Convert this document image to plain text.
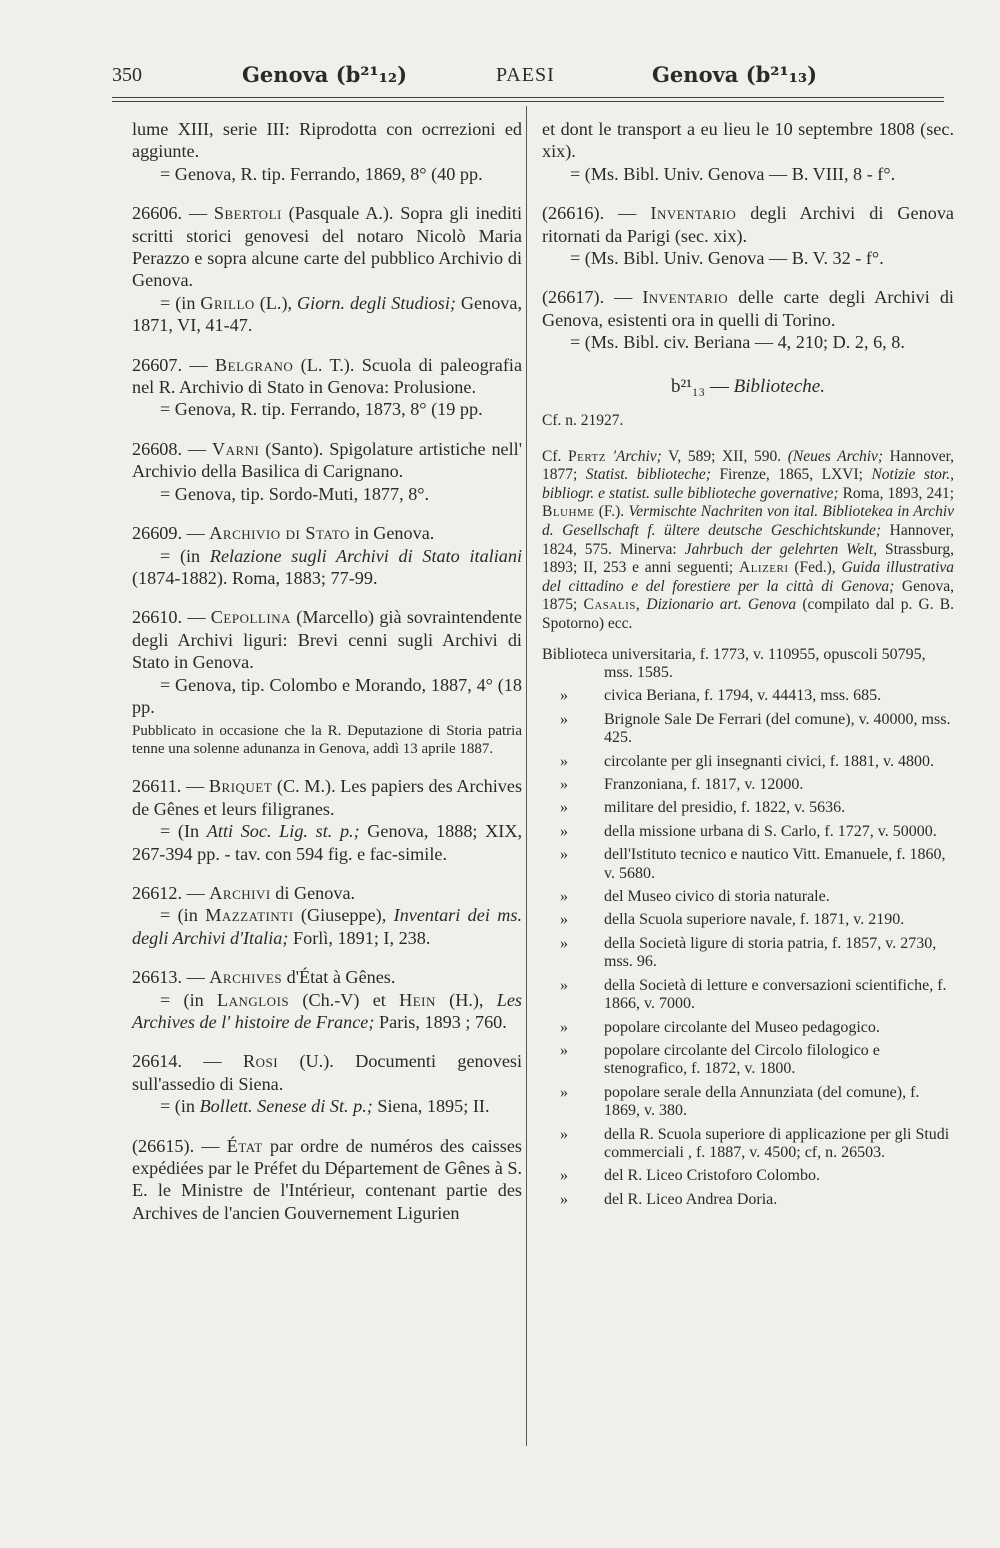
350	Genova (b²¹₁₂)	PAESI	Genova (b²¹₁₃)

lume XIII, serie III: Riprodotta con ocrrezioni ed aggiunte.

= Genova, R. tip. Ferrando, 1869, 8° (40 pp.

26606. — Sbertoli (Pasquale A.). Sopra gli inediti scritti storici genovesi del notaro Nicolò Maria Perazzo e sopra alcune carte del pubblico Archivio di Genova.

= (in Grillo (L.), Giorn. degli Studiosi; Genova, 1871, VI, 41-47.

26607. — Belgrano (L. T.). Scuola di paleografia nel R. Archivio di Stato in Genova: Prolusione.

= Genova, R. tip. Ferrando, 1873, 8° (19 pp.

26608. — Varni (Santo). Spigolature artistiche nell' Archivio della Basilica di Carignano.

= Genova, tip. Sordo-Muti, 1877, 8°.

26609. — Archivio di Stato in Genova.

= (in Relazione sugli Archivi di Stato italiani (1874-1882). Roma, 1883; 77-99.

26610. — Cepollina (Marcello) già sovraintendente degli Archivi liguri: Brevi cenni sugli Archivi di Stato in Genova.

= Genova, tip. Colombo e Morando, 1887, 4° (18 pp.

Pubblicato in occasione che la R. Deputazione di Storia patria tenne una solenne adunanza in Genova, addì 13 aprile 1887.

26611. — Briquet (C. M.). Les papiers des Archives de Gênes et leurs filigranes.

= (In Atti Soc. Lig. st. p.; Genova, 1888; XIX, 267-394 pp. - tav. con 594 fig. e fac-simile.

26612. — Archivi di Genova.

= (in Mazzatinti (Giuseppe), Inventari dei ms. degli Archivi d'Italia; Forlì, 1891; I, 238.

26613. — Archives d'État à Gênes.

= (in Langlois (Ch.-V) et Hein (H.), Les Archives de l' histoire de France; Paris, 1893 ; 760.

26614. — Rosi (U.). Documenti genovesi sull'assedio di Siena.

= (in Bollett. Senese di St. p.; Siena, 1895; II.

(26615). — État par ordre de numéros des caisses expédiées par le Préfet du Département de Gênes à S. E. le Ministre de l'Intérieur, contenant partie des Archives de l'ancien Gouvernement Ligurien

et dont le transport a eu lieu le 10 septembre 1808 (sec. xix).

= (Ms. Bibl. Univ. Genova — B. VIII, 8 - f°.

(26616). — Inventario degli Archivi di Genova ritornati da Parigi (sec. xix).

= (Ms. Bibl. Univ. Genova — B. V. 32 - f°.

(26617). — Inventario delle carte degli Archivi di Genova, esistenti ora in quelli di Torino.

= (Ms. Bibl. civ. Beriana — 4, 210; D. 2, 6, 8.

b²¹₁₃ — Biblioteche.

Cf. n. 21927.

Cf. Pertz 'Archiv; V, 589; XII, 590. (Neues Archiv; Hannover, 1877; Statist. biblioteche; Firenze, 1865, LXVI; Notizie stor., bibliogr. e statist. sulle biblioteche governative; Roma, 1893, 241; Bluhme (F.). Vermischte Nachriten von ital. Bibliotekea in Archiv d. Gesellschaft f. ültere deutsche Geschichtskunde; Hannover, 1824, 575. Minerva: Jahrbuch der gelehrten Welt, Strassburg, 1893; II, 253 e anni seguenti; Alizeri (Fed.), Guida illustrativa del cittadino e del forestiere per la città di Genova; Genova, 1875; Casalis, Dizionario art. Genova (compilato dal p. G. B. Spotorno) ecc.

Biblioteca universitaria, f. 1773, v. 110955, opuscoli 50795, mss. 1585.

» civica Beriana, f. 1794, v. 44413, mss. 685.

» Brignole Sale De Ferrari (del comune), v. 40000, mss. 425.

» circolante per gli insegnanti civici, f. 1881, v. 4800.

» Franzoniana, f. 1817, v. 12000.

» militare del presidio, f. 1822, v. 5636.

» della missione urbana di S. Carlo, f. 1727, v. 50000.

» dell'Istituto tecnico e nautico Vitt. Emanuele, f. 1860, v. 5680.

» del Museo civico di storia naturale.

» della Scuola superiore navale, f. 1871, v. 2190.

» della Società ligure di storia patria, f. 1857, v. 2730, mss. 96.

» della Società di letture e conversazioni scientifiche, f. 1866, v. 7000.

» popolare circolante del Museo pedagogico.

» popolare circolante del Circolo filologico e stenografico, f. 1872, v. 1800.

» popolare serale della Annunziata (del comune), f. 1869, v. 380.

» della R. Scuola superiore di applicazione per gli Studi commerciali , f. 1887, v. 4500; cf, n. 26503.

» del R. Liceo Cristoforo Colombo.

» del R. Liceo Andrea Doria.
